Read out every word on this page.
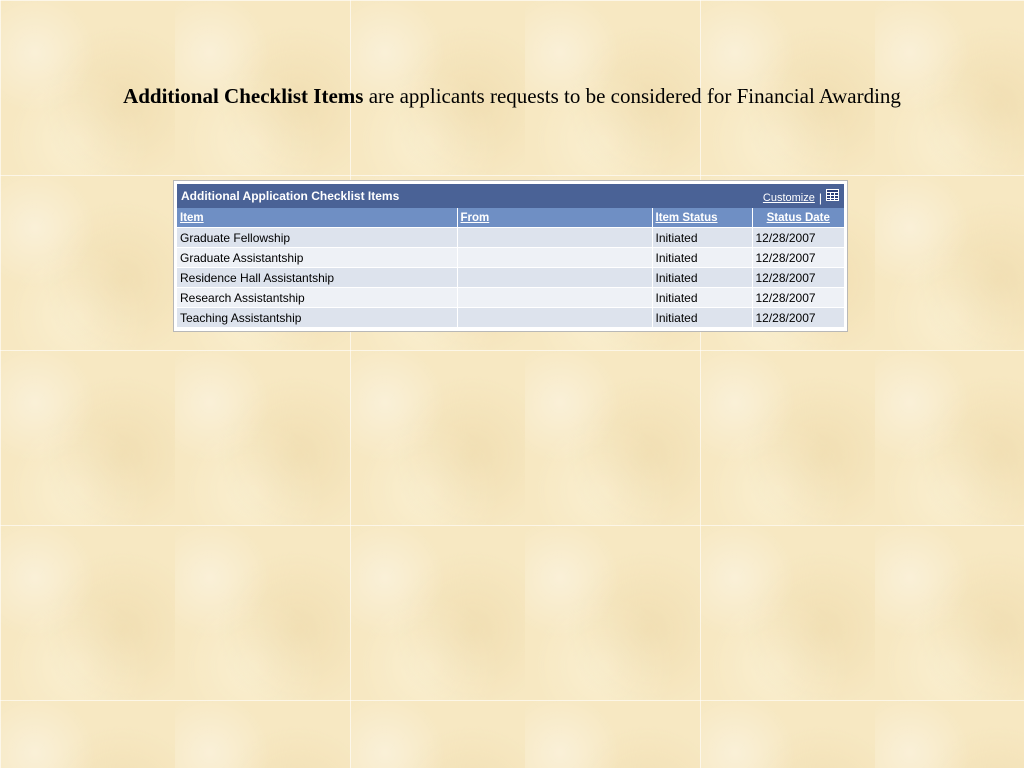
Additional Checklist Items are applicants requests to be considered for Financial Awarding
Additional Application Checklist Items	Customize |
Item	From	Item Status	Status Date
Graduate Fellowship		Initiated	12/28/2007
Graduate Assistantship		Initiated	12/28/2007
Residence Hall Assistantship		Initiated	12/28/2007
Research Assistantship		Initiated	12/28/2007
Teaching Assistantship		Initiated	12/28/2007
